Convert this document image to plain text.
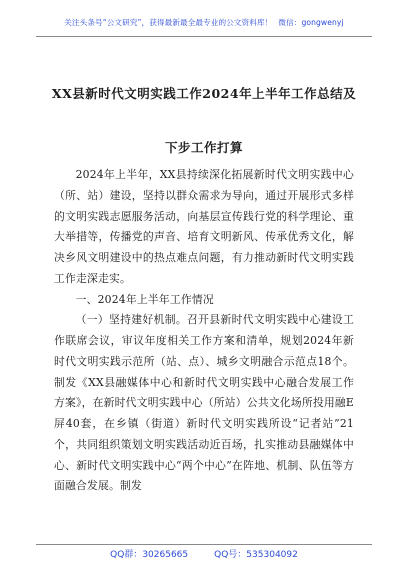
关注头条号“公文研究”，获得最新最全最专业的公文资料库！ 微信：gongwenyj
XX县新时代文明实践工作2024年上半年工作总结及下步工作打算

2024年上半年，XX县持续深化拓展新时代文明实践中心（所、站）建设，坚持以群众需求为导向，通过开展形式多样的文明实践志愿服务活动，向基层宣传践行党的科学理论、重大举措等，传播党的声音、培育文明新风、传承优秀文化，解决乡风文明建设中的热点难点问题，有力推动新时代文明实践工作走深走实。

一、2024年上半年工作情况

（一）坚持建好机制。召开县新时代文明实践中心建设工作联席会议，审议年度相关工作方案和清单，规划2024年新时代文明实践示范所（站、点）、城乡文明融合示范点18个。制发《XX县融媒体中心和新时代文明实践中心融合发展工作方案》，在新时代文明实践中心（所站）公共文化场所投用融E屏40套，在乡镇（街道）新时代文明实践所设“记者站”21个，共同组织策划文明实践活动近百场，扎实推动县融媒体中心、新时代文明实践中心“两个中心”在阵地、机制、队伍等方面融合发展。制发

QQ群：30265665	QQ号：535304092
